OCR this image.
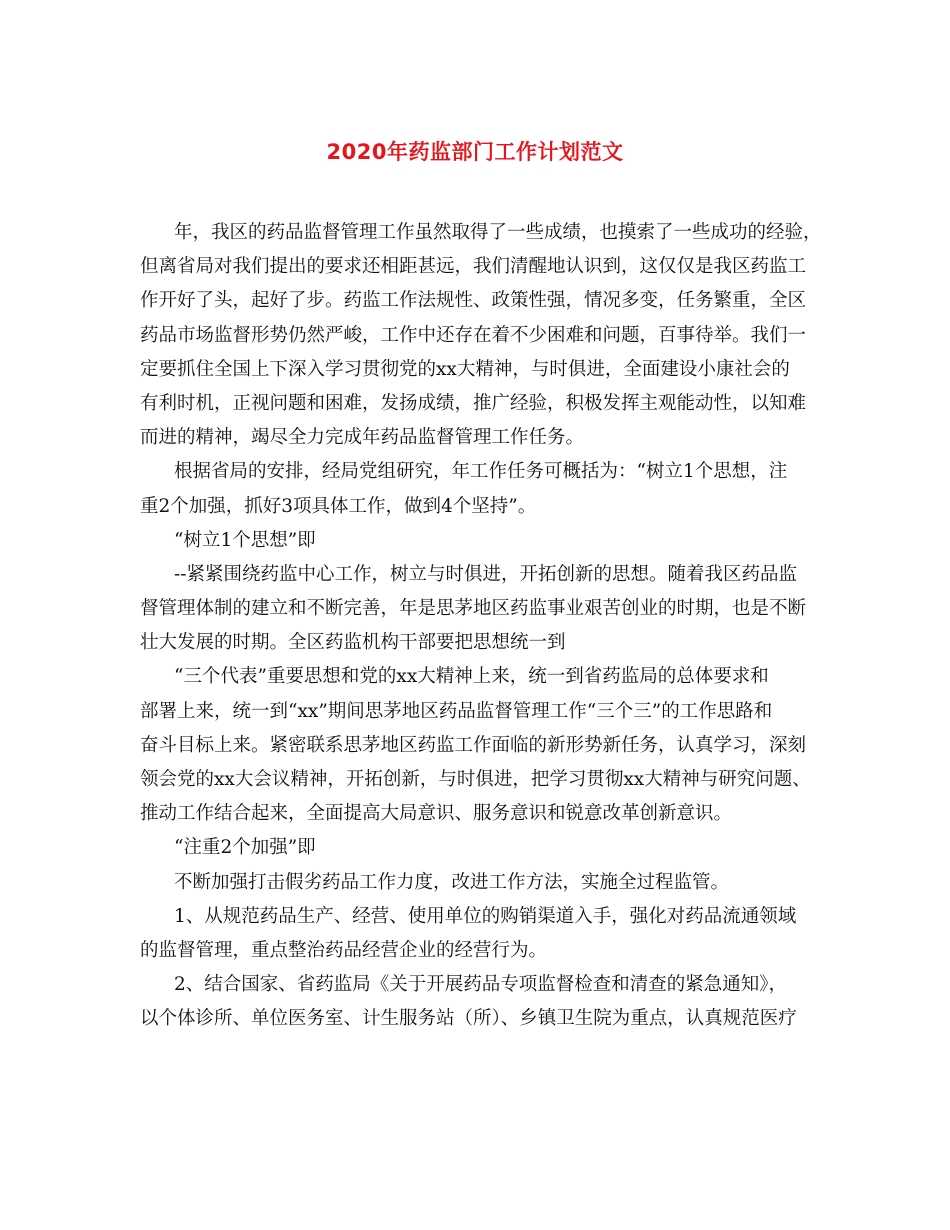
2020年药监部门工作计划范文
年，我区的药品监督管理工作虽然取得了一些成绩，也摸索了一些成功的经验，
但离省局对我们提出的要求还相距甚远，我们清醒地认识到，这仅仅是我区药监工
作开好了头，起好了步。药监工作法规性、政策性强，情况多变，任务繁重，全区
药品市场监督形势仍然严峻，工作中还存在着不少困难和问题，百事待举。我们一
定要抓住全国上下深入学习贯彻党的xx大精神，与时俱进，全面建设小康社会的
有利时机，正视问题和困难，发扬成绩，推广经验，积极发挥主观能动性，以知难
而进的精神，竭尽全力完成年药品监督管理工作任务。
根据省局的安排，经局党组研究，年工作任务可概括为：“树立1个思想，注
重2个加强，抓好3项具体工作，做到4个坚持”。
“树立1个思想”即
--紧紧围绕药监中心工作，树立与时俱进，开拓创新的思想。随着我区药品监
督管理体制的建立和不断完善，年是思茅地区药监事业艰苦创业的时期，也是不断
壮大发展的时期。全区药监机构干部要把思想统一到
“三个代表”重要思想和党的xx大精神上来，统一到省药监局的总体要求和
部署上来，统一到“xx”期间思茅地区药品监督管理工作“三个三”的工作思路和
奋斗目标上来。紧密联系思茅地区药监工作面临的新形势新任务，认真学习，深刻
领会党的xx大会议精神，开拓创新，与时俱进，把学习贯彻xx大精神与研究问题、
推动工作结合起来，全面提高大局意识、服务意识和锐意改革创新意识。
“注重2个加强”即
不断加强打击假劣药品工作力度，改进工作方法，实施全过程监管。
1、从规范药品生产、经营、使用单位的购销渠道入手，强化对药品流通领域
的监督管理，重点整治药品经营企业的经营行为。
2、结合国家、省药监局《关于开展药品专项监督检查和清查的紧急通知》，
以个体诊所、单位医务室、计生服务站（所）、乡镇卫生院为重点，认真规范医疗
